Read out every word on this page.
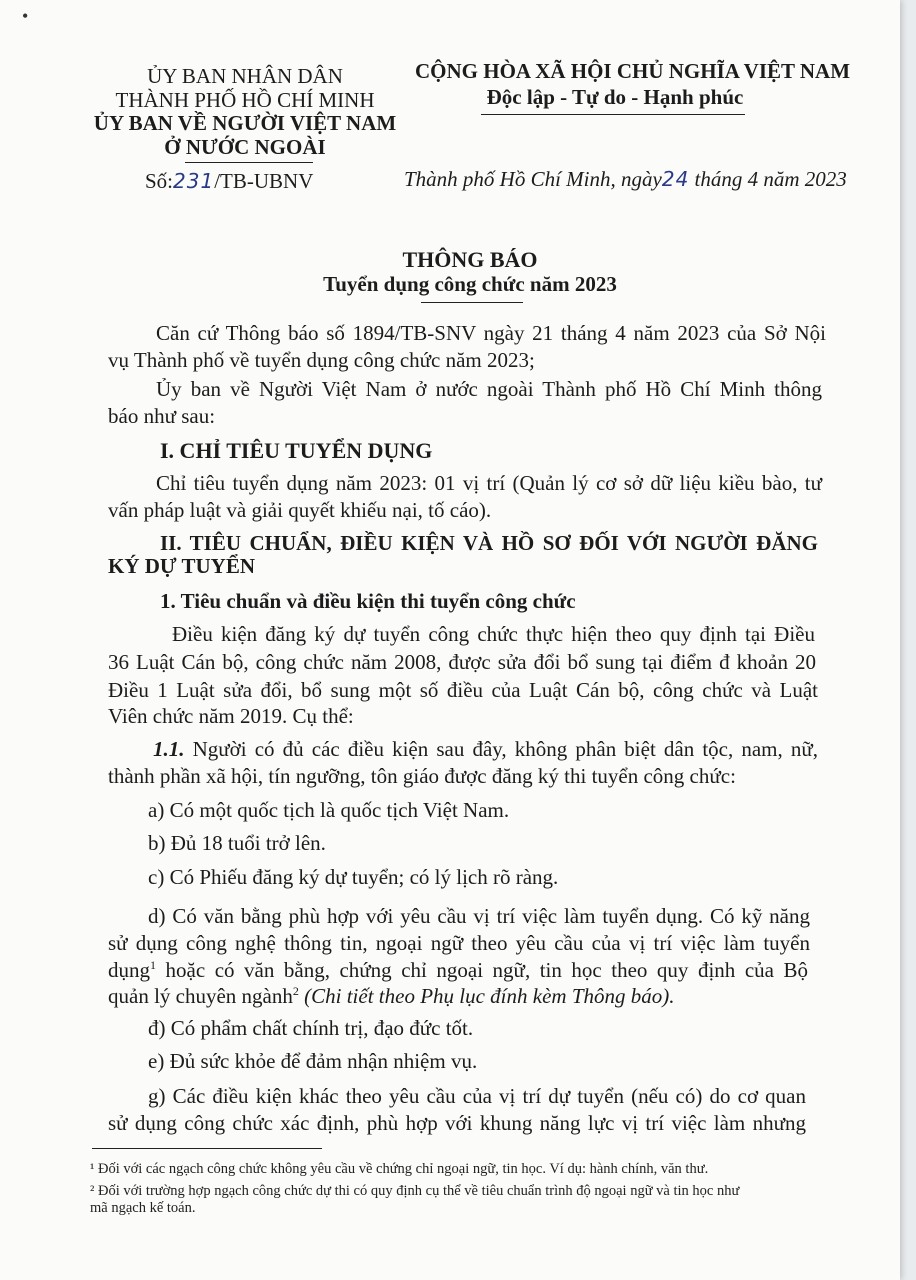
•
ỦY BAN NHÂN DÂN
THÀNH PHỐ HỒ CHÍ MINH
ỦY BAN VỀ NGƯỜI VIỆT NAM
Ở NƯỚC NGOÀI
Số:231/TB-UBNV
CỘNG HÒA XÃ HỘI CHỦ NGHĨA VIỆT NAM
Độc lập - Tự do - Hạnh phúc
Thành phố Hồ Chí Minh, ngày24 tháng 4 năm 2023
THÔNG BÁO
Tuyển dụng công chức năm 2023
Căn cứ Thông báo số 1894/TB-SNV ngày 21 tháng 4 năm 2023 của Sở Nội
vụ Thành phố về tuyển dụng công chức năm 2023;
Ủy ban về Người Việt Nam ở nước ngoài Thành phố Hồ Chí Minh thông
báo như sau:
I. CHỈ TIÊU TUYỂN DỤNG
Chỉ tiêu tuyển dụng năm 2023: 01 vị trí (Quản lý cơ sở dữ liệu kiều bào, tư
vấn pháp luật và giải quyết khiếu nại, tố cáo).
II. TIÊU CHUẨN, ĐIỀU KIỆN VÀ HỒ SƠ ĐỐI VỚI NGƯỜI ĐĂNG
KÝ DỰ TUYỂN
1. Tiêu chuẩn và điều kiện thi tuyển công chức
Điều kiện đăng ký dự tuyển công chức thực hiện theo quy định tại Điều
36 Luật Cán bộ, công chức năm 2008, được sửa đổi bổ sung tại điểm đ khoản 20
Điều 1 Luật sửa đổi, bổ sung một số điều của Luật Cán bộ, công chức và Luật
Viên chức năm 2019. Cụ thể:
1.1. Người có đủ các điều kiện sau đây, không phân biệt dân tộc, nam, nữ,
thành phần xã hội, tín ngưỡng, tôn giáo được đăng ký thi tuyển công chức:
a) Có một quốc tịch là quốc tịch Việt Nam.
b) Đủ 18 tuổi trở lên.
c) Có Phiếu đăng ký dự tuyển; có lý lịch rõ ràng.
d) Có văn bằng phù hợp với yêu cầu vị trí việc làm tuyển dụng. Có kỹ năng
sử dụng công nghệ thông tin, ngoại ngữ theo yêu cầu của vị trí việc làm tuyển
dụng$^1$ hoặc có văn bằng, chứng chỉ ngoại ngữ, tin học theo quy định của Bộ
quản lý chuyên ngành$^2$ (Chi tiết theo Phụ lục đính kèm Thông báo).
đ) Có phẩm chất chính trị, đạo đức tốt.
e) Đủ sức khỏe để đảm nhận nhiệm vụ.
g) Các điều kiện khác theo yêu cầu của vị trí dự tuyển (nếu có) do cơ quan
sử dụng công chức xác định, phù hợp với khung năng lực vị trí việc làm nhưng
¹ Đối với các ngạch công chức không yêu cầu về chứng chỉ ngoại ngữ, tin học. Ví dụ: hành chính, văn thư.
² Đối với trường hợp ngạch công chức dự thi có quy định cụ thể về tiêu chuẩn trình độ ngoại ngữ và tin học như
mã ngạch kế toán.
